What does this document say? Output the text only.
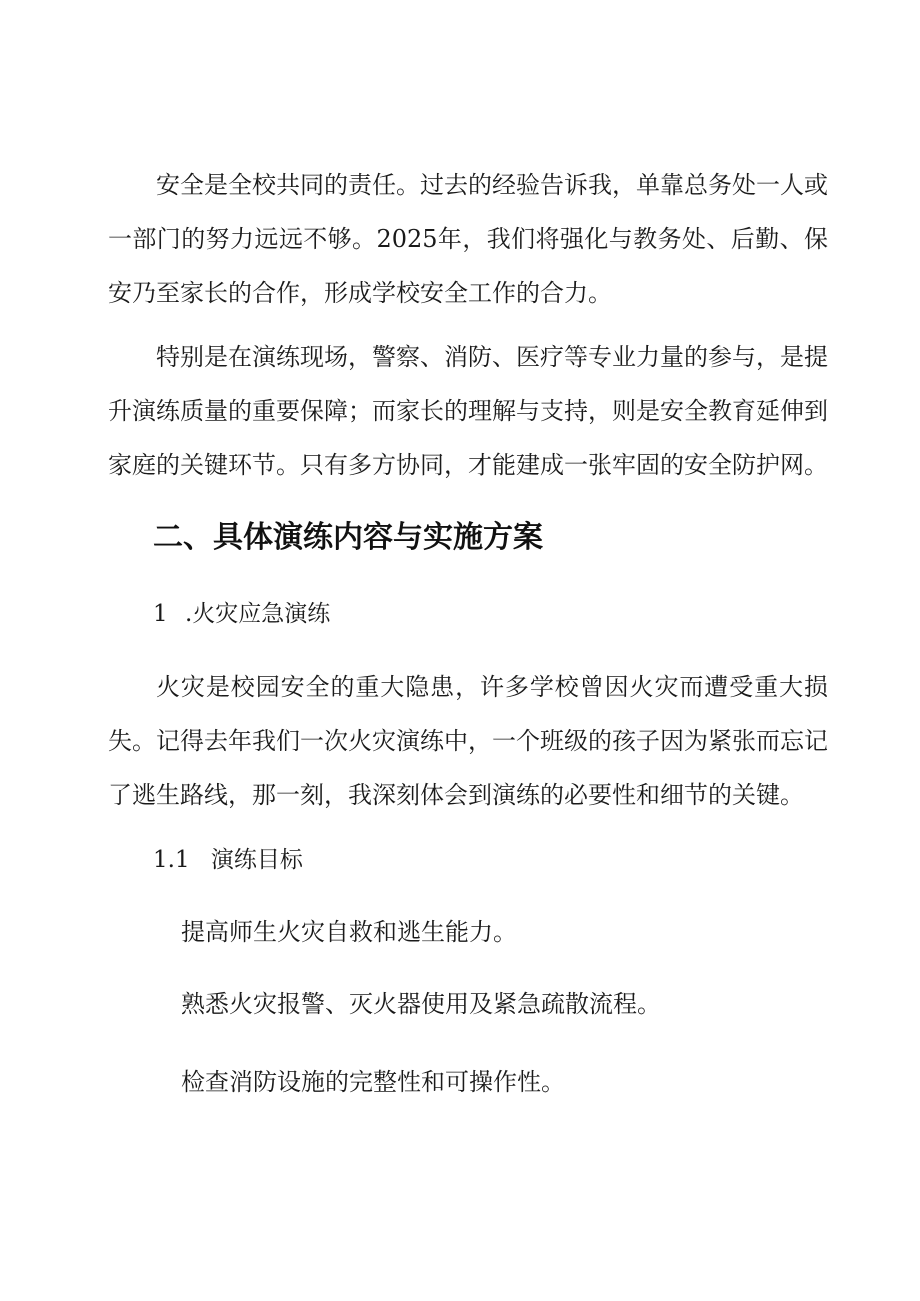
安全是全校共同的责任。过去的经验告诉我，单靠总务处一人或一部门的努力远远不够。2025年，我们将强化与教务处、后勤、保安乃至家长的合作，形成学校安全工作的合力。

特别是在演练现场，警察、消防、医疗等专业力量的参与，是提升演练质量的重要保障；而家长的理解与支持，则是安全教育延伸到家庭的关键环节。只有多方协同，才能建成一张牢固的安全防护网。

二、具体演练内容与实施方案
1 .火灾应急演练

火灾是校园安全的重大隐患，许多学校曾因火灾而遭受重大损失。记得去年我们一次火灾演练中，一个班级的孩子因为紧张而忘记了逃生路线，那一刻，我深刻体会到演练的必要性和细节的关键。

1.1 演练目标

提高师生火灾自救和逃生能力。

熟悉火灾报警、灭火器使用及紧急疏散流程。

检查消防设施的完整性和可操作性。
